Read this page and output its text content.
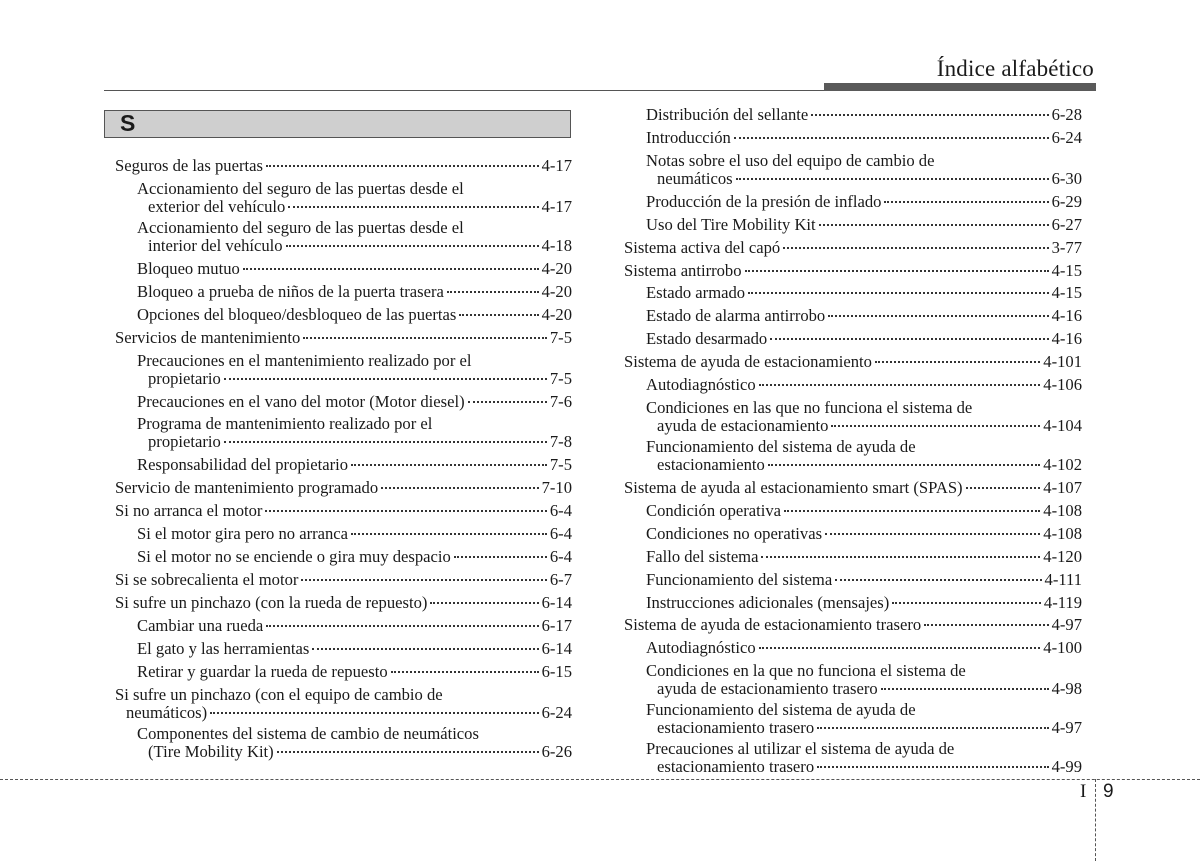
Índice alfabético
S
Seguros de las puertas	4-17
Accionamiento del seguro de las puertas desde el
exterior del vehículo	4-17
Accionamiento del seguro de las puertas desde el
interior del vehículo	4-18
Bloqueo mutuo	4-20
Bloqueo a prueba de niños de la puerta trasera	4-20
Opciones del bloqueo/desbloqueo de las puertas	4-20
Servicios de mantenimiento	7-5
Precauciones en el mantenimiento realizado por el
propietario	7-5
Precauciones en el vano del motor (Motor diesel)	7-6
Programa de mantenimiento realizado por el
propietario	7-8
Responsabilidad del propietario	7-5
Servicio de mantenimiento programado	7-10
Si no arranca el motor	6-4
Si el motor gira pero no arranca	6-4
Si el motor no se enciende o gira muy despacio	6-4
Si se sobrecalienta el motor	6-7
Si sufre un pinchazo (con la rueda de repuesto)	6-14
Cambiar una rueda	6-17
El gato y las herramientas	6-14
Retirar y guardar la rueda de repuesto	6-15
Si sufre un pinchazo (con el equipo de cambio de
neumáticos)	6-24
Componentes del sistema de cambio de neumáticos
(Tire Mobility Kit)	6-26
Distribución del sellante	6-28
Introducción	6-24
Notas sobre el uso del equipo de cambio de
neumáticos	6-30
Producción de la presión de inflado	6-29
Uso del Tire Mobility Kit	6-27
Sistema activa del capó	3-77
Sistema antirrobo	4-15
Estado armado	4-15
Estado de alarma antirrobo	4-16
Estado desarmado	4-16
Sistema de ayuda de estacionamiento	4-101
Autodiagnóstico	4-106
Condiciones en las que no funciona el sistema de
ayuda de estacionamiento	4-104
Funcionamiento del sistema de ayuda de
estacionamiento	4-102
Sistema de ayuda al estacionamiento smart (SPAS)	4-107
Condición operativa	4-108
Condiciones no operativas	4-108
Fallo del sistema	4-120
Funcionamiento del sistema	4-111
Instrucciones adicionales (mensajes)	4-119
Sistema de ayuda de estacionamiento trasero	4-97
Autodiagnóstico	4-100
Condiciones en la que no funciona el sistema de
ayuda de estacionamiento trasero	4-98
Funcionamiento del sistema de ayuda de
estacionamiento trasero	4-97
Precauciones al utilizar el sistema de ayuda de
estacionamiento trasero	4-99
I 9
